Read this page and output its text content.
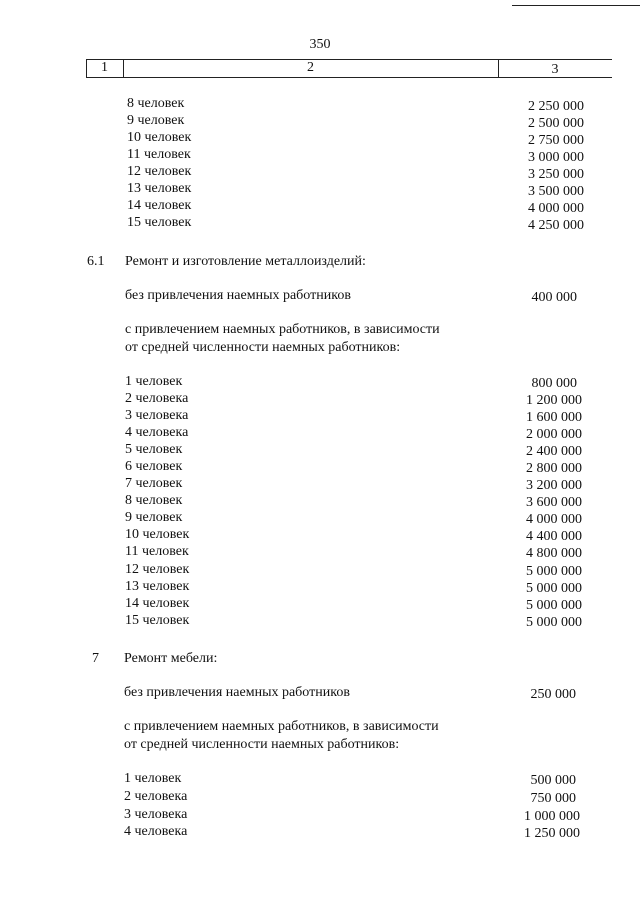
350
1	2	3
8 человек	2 250 000
9 человек	2 500 000
10 человек	2 750 000
11 человек	3 000 000
12 человек	3 250 000
13 человек	3 500 000
14 человек	4 000 000
15 человек	4 250 000
6.1 Ремонт и изготовление металлоизделий:
без привлечения наемных работников	400 000
с привлечением наемных работников, в зависимости
от средней численности наемных работников:
1 человек	800 000
2 человека	1 200 000
3 человека	1 600 000
4 человека	2 000 000
5 человек	2 400 000
6 человек	2 800 000
7 человек	3 200 000
8 человек	3 600 000
9 человек	4 000 000
10 человек	4 400 000
11 человек	4 800 000
12 человек	5 000 000
13 человек	5 000 000
14 человек	5 000 000
15 человек	5 000 000
7 Ремонт мебели:
без привлечения наемных работников	250 000
с привлечением наемных работников, в зависимости
от средней численности наемных работников:
1 человек	500 000
2 человека	750 000
3 человека	1 000 000
4 человека	1 250 000
